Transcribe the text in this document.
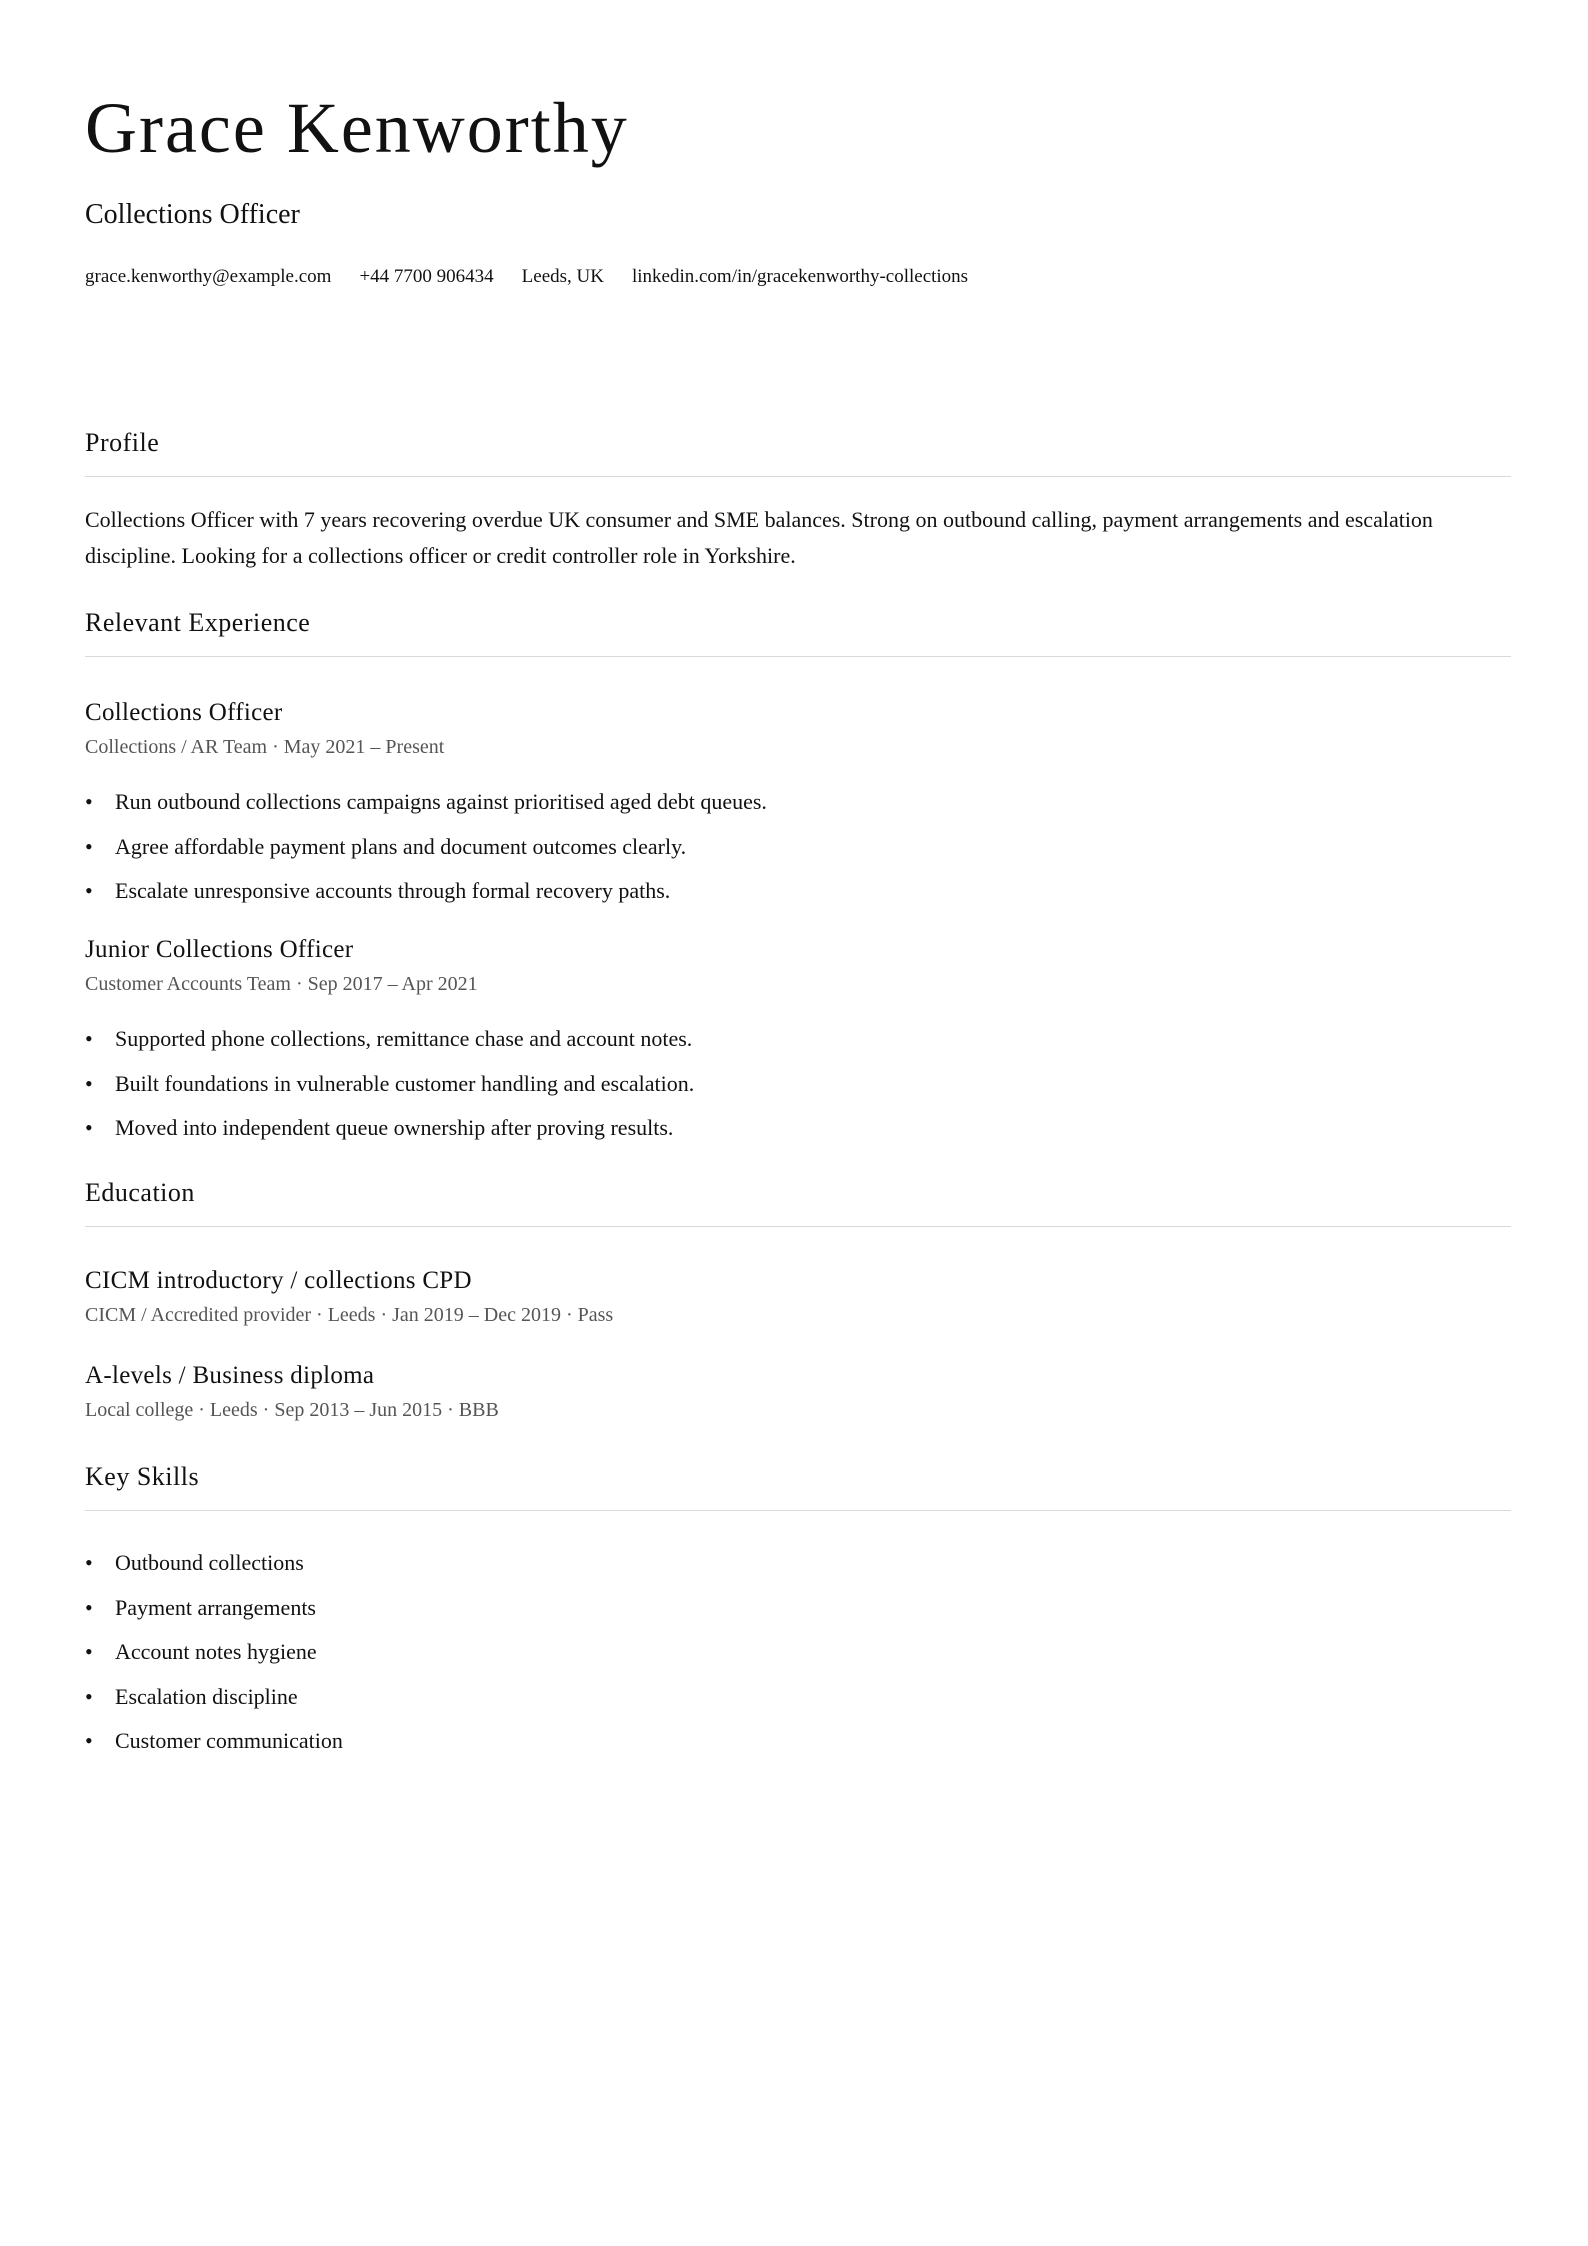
Grace Kenworthy
Collections Officer
grace.kenworthy@example.com +44 7700 906434 Leeds, UK linkedin.com/in/gracekenworthy-collections
Profile
Collections Officer with 7 years recovering overdue UK consumer and SME balances. Strong on outbound calling, payment arrangements and escalation discipline. Looking for a collections officer or credit controller role in Yorkshire.
Relevant Experience
Collections Officer
Collections / AR Team · May 2021 – Present
• Run outbound collections campaigns against prioritised aged debt queues.
• Agree affordable payment plans and document outcomes clearly.
• Escalate unresponsive accounts through formal recovery paths.
Junior Collections Officer
Customer Accounts Team · Sep 2017 – Apr 2021
• Supported phone collections, remittance chase and account notes.
• Built foundations in vulnerable customer handling and escalation.
• Moved into independent queue ownership after proving results.
Education
CICM introductory / collections CPD
CICM / Accredited provider · Leeds · Jan 2019 – Dec 2019 · Pass
A-levels / Business diploma
Local college · Leeds · Sep 2013 – Jun 2015 · BBB
Key Skills
• Outbound collections
• Payment arrangements
• Account notes hygiene
• Escalation discipline
• Customer communication
